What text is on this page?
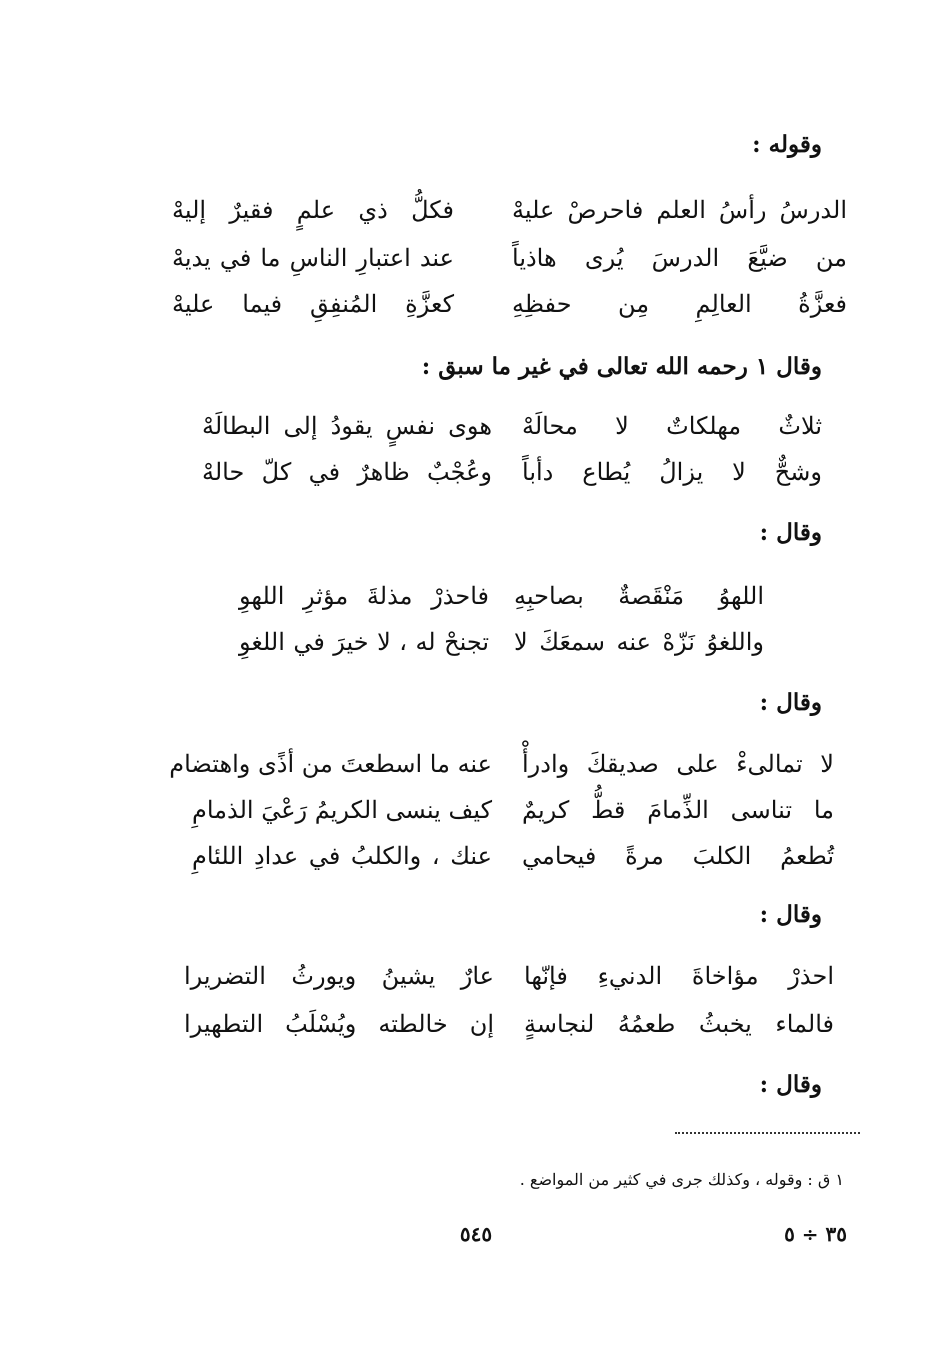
وقوله :
الدرسُ رأسُ العلم فاحرصْ عليهْ
فكلُّ ذي علمٍ فقيرٌ إليهْ
من ضيَّعَ الدرسَ يُرى هاذياً
عند اعتبارِ الناسِ ما في يديهْ
فعزَّةُ العالِمِ مِن حفظِهِ
كعزَّةِ المُنفِقِ فيما عليهْ
وقال ١ رحمه الله تعالى في غير ما سبق :
ثلاثٌ مهلكاتٌ لا محالَهْ
هوى نفسٍ يقودُ إلى البطالَهْ
وشحٌّ لا يزالُ يُطاع دأباً
وعُجْبٌ ظاهرٌ في كلّ حالهْ
وقال :
اللهوُ مَنْقَصةٌ بصاحبِهِ
فاحذرْ مذلةَ مؤثرِ اللهوِ
واللغوُ نَزّهْ عنه سمعَكَ لا
تجنحْ له ، لا خيرَ في اللغوِ
وقال :
لا تمالىءْ على صديقكَ وادرأْ
عنه ما اسطعتَ من أذًى واهتضام
ما تناسى الذِّمامَ قطُّ كريمٌ
كيف ينسى الكريمُ رَعْيَ الذمامِ
تُطعمُ الكلبَ مرةً فيحامي
عنك ، والكلبُ في عدادِ اللئامِ
وقال :
احذرْ مؤاخاةَ الدنيءِ فإنّها
عارٌ يشينُ ويورثُ التضريرا
فالماء يخبثُ طعمُهُ لنجاسةٍ
إن خالطته ويُسْلَبُ التطهيرا
وقال :
١ ق : وقوله ، وكذلك جرى في كثير من المواضع .
٥٤٥	٣٥ ÷ ٥
